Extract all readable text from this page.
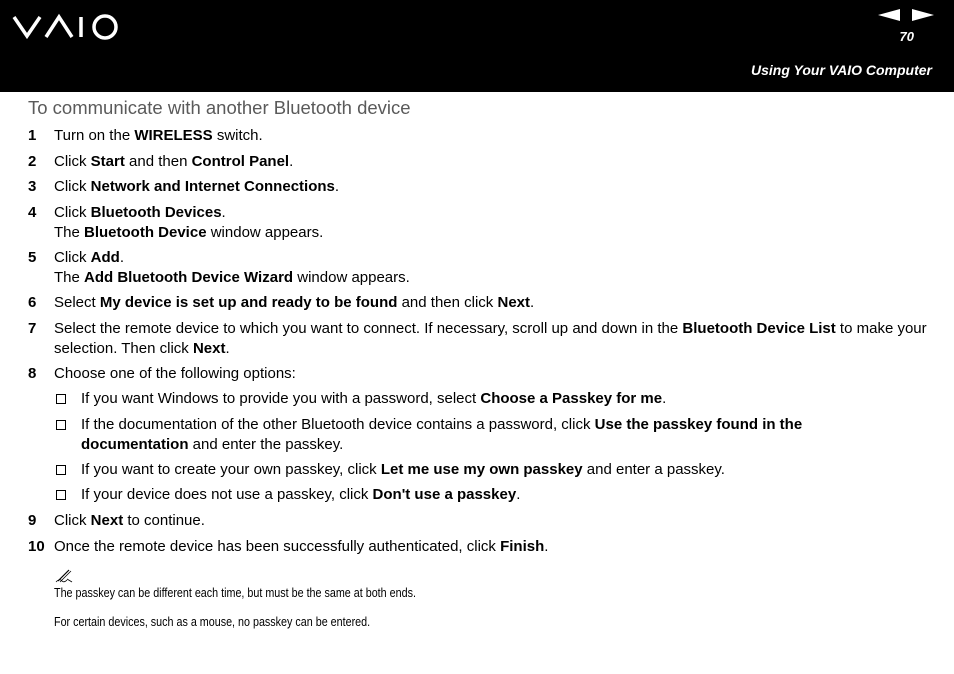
70
Using Your VAIO Computer
To communicate with another Bluetooth device
1 Turn on the WIRELESS switch.
2 Click Start and then Control Panel.
3 Click Network and Internet Connections.
4 Click Bluetooth Devices.
The Bluetooth Device window appears.
5 Click Add.
The Add Bluetooth Device Wizard window appears.
6 Select My device is set up and ready to be found and then click Next.
7 Select the remote device to which you want to connect. If necessary, scroll up and down in the Bluetooth Device List to make your selection. Then click Next.
8 Choose one of the following options:
If you want Windows to provide you with a password, select Choose a Passkey for me.
If the documentation of the other Bluetooth device contains a password, click Use the passkey found in the documentation and enter the passkey.
If you want to create your own passkey, click Let me use my own passkey and enter a passkey.
If your device does not use a passkey, click Don't use a passkey.
9 Click Next to continue.
10 Once the remote device has been successfully authenticated, click Finish.
The passkey can be different each time, but must be the same at both ends.
For certain devices, such as a mouse, no passkey can be entered.
